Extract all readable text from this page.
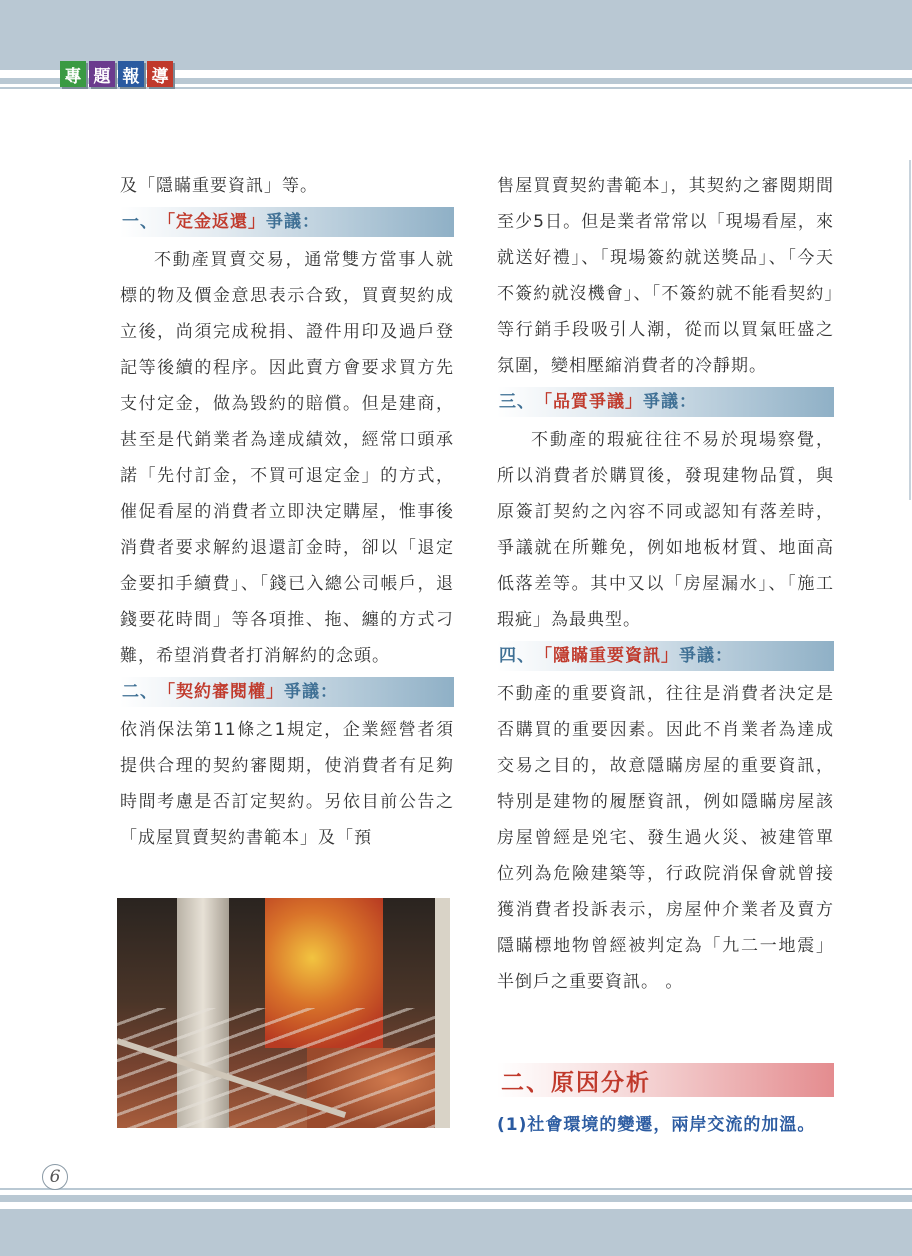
專 題 報 導

及「隱瞞重要資訊」等。

一、 「定金返還」 爭議：

不動產買賣交易，通常雙方當事人就標的物及價金意思表示合致，買賣契約成立後，尚須完成稅捐、證件用印及過戶登記等後續的程序。因此賣方會要求買方先支付定金，做為毀約的賠償。但是建商，甚至是代銷業者為達成績效，經常口頭承諾「先付訂金，不買可退定金」的方式，催促看屋的消費者立即決定購屋，惟事後消費者要求解約退還訂金時，卻以「退定金要扣手續費」、「錢已入總公司帳戶，退錢要花時間」等各項推、拖、纏的方式刁難，希望消費者打消解約的念頭。

二、 「契約審閱權」 爭議：

依消保法第11條之1規定，企業經營者須提供合理的契約審閱期，使消費者有足夠時間考慮是否訂定契約。另依目前公告之「成屋買賣契約書範本」及「預

售屋買賣契約書範本」，其契約之審閱期間至少5日。但是業者常常以「現場看屋，來就送好禮」、「現場簽約就送獎品」、「今天不簽約就沒機會」、「不簽約就不能看契約」等行銷手段吸引人潮，從而以買氣旺盛之氛圍，變相壓縮消費者的冷靜期。

三、 「品質爭議」 爭議：

不動產的瑕疵往往不易於現場察覺，所以消費者於購買後，發現建物品質，與原簽訂契約之內容不同或認知有落差時，爭議就在所難免，例如地板材質、地面高低落差等。其中又以「房屋漏水」、「施工瑕疵」為最典型。

四、 「隱瞞重要資訊」 爭議：

不動產的重要資訊，往往是消費者決定是否購買的重要因素。因此不肖業者為達成交易之目的，故意隱瞞房屋的重要資訊，特別是建物的履歷資訊，例如隱瞞房屋該房屋曾經是兇宅、發生過火災、被建管單位列為危險建築等，行政院消保會就曾接獲消費者投訴表示，房屋仲介業者及賣方隱瞞標地物曾經被判定為「九二一地震」半倒戶之重要資訊。 。

二、原因分析
(1)社會環境的變遷，兩岸交流的加溫。
6
